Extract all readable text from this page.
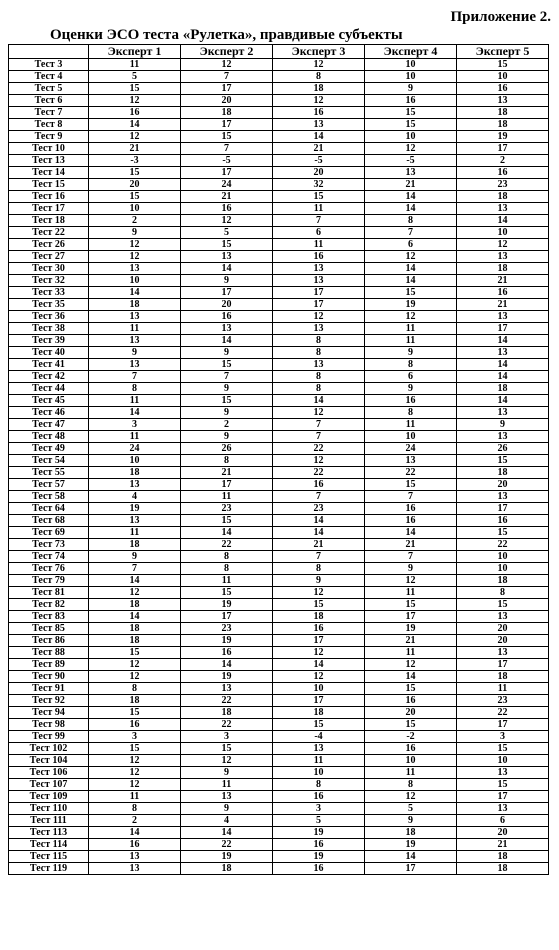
Приложение 2.
Оценки ЭСО теста «Рулетка», правдивые субъекты
	Эксперт 1	Эксперт 2	Эксперт 3	Эксперт 4	Эксперт 5
Тест 3	11	12	12	10	15
Тест 4	5	7	8	10	10
Тест 5	15	17	18	9	16
Тест 6	12	20	12	16	13
Тест 7	16	18	16	15	18
Тест 8	14	17	13	15	18
Тест 9	12	15	14	10	19
Тест 10	21	7	21	12	17
Тест 13	-3	-5	-5	-5	2
Тест 14	15	17	20	13	16
Тест 15	20	24	32	21	23
Тест 16	15	21	15	14	18
Тест 17	10	16	11	14	13
Тест 18	2	12	7	8	14
Тест 22	9	5	6	7	10
Тест 26	12	15	11	6	12
Тест 27	12	13	16	12	13
Тест 30	13	14	13	14	18
Тест 32	10	9	13	14	21
Тест 33	14	17	17	15	16
Тест 35	18	20	17	19	21
Тест 36	13	16	12	12	13
Тест 38	11	13	13	11	17
Тест 39	13	14	8	11	14
Тест 40	9	9	8	9	13
Тест 41	13	15	13	8	14
Тест 42	7	7	8	6	14
Тест 44	8	9	8	9	18
Тест 45	11	15	14	16	14
Тест 46	14	9	12	8	13
Тест 47	3	2	7	11	9
Тест 48	11	9	7	10	13
Тест 49	24	26	22	24	26
Тест 54	10	8	12	13	15
Тест 55	18	21	22	22	18
Тест 57	13	17	16	15	20
Тест 58	4	11	7	7	13
Тест 64	19	23	23	16	17
Тест 68	13	15	14	16	16
Тест 69	11	14	14	14	15
Тест 73	18	22	21	21	22
Тест 74	9	8	7	7	10
Тест 76	7	8	8	9	10
Тест 79	14	11	9	12	18
Тест 81	12	15	12	11	8
Тест 82	18	19	15	15	15
Тест 83	14	17	18	17	13
Тест 85	18	23	16	19	20
Тест 86	18	19	17	21	20
Тест 88	15	16	12	11	13
Тест 89	12	14	14	12	17
Тест 90	12	19	12	14	18
Тест 91	8	13	10	15	11
Тест 92	18	22	17	16	23
Тест 94	15	18	18	20	22
Тест 98	16	22	15	15	17
Тест 99	3	3	-4	-2	3
Тест 102	15	15	13	16	15
Тест 104	12	12	11	10	10
Тест 106	12	9	10	11	13
Тест 107	12	11	8	8	15
Тест 109	11	13	16	12	17
Тест 110	8	9	3	5	13
Тест 111	2	4	5	9	6
Тест 113	14	14	19	18	20
Тест 114	16	22	16	19	21
Тест 115	13	19	19	14	18
Тест 119	13	18	16	17	18
